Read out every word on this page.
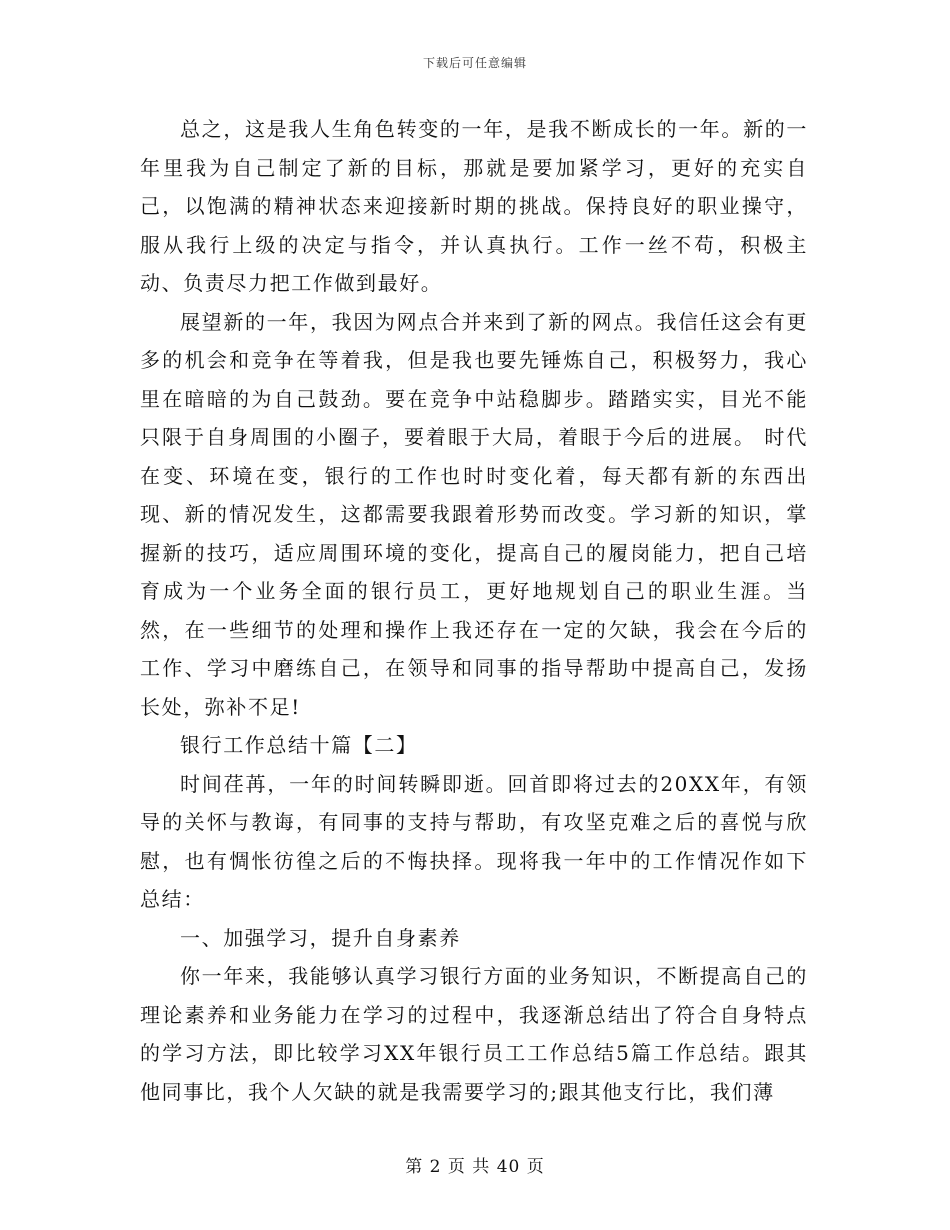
下载后可任意编辑

总之，这是我人生角色转变的一年，是我不断成长的一年。新的一年里我为自己制定了新的目标，那就是要加紧学习，更好的充实自己，以饱满的精神状态来迎接新时期的挑战。保持良好的职业操守，服从我行上级的决定与指令，并认真执行。工作一丝不苟，积极主动、负责尽力把工作做到最好。

展望新的一年，我因为网点合并来到了新的网点。我信任这会有更多的机会和竞争在等着我，但是我也要先锤炼自己，积极努力，我心里在暗暗的为自己鼓劲。要在竞争中站稳脚步。踏踏实实，目光不能只限于自身周围的小圈子，要着眼于大局，着眼于今后的进展。 时代在变、环境在变，银行的工作也时时变化着，每天都有新的东西出现、新的情况发生，这都需要我跟着形势而改变。学习新的知识，掌握新的技巧，适应周围环境的变化，提高自己的履岗能力，把自己培育成为一个业务全面的银行员工，更好地规划自己的职业生涯。当然，在一些细节的处理和操作上我还存在一定的欠缺，我会在今后的工作、学习中磨练自己，在领导和同事的指导帮助中提高自己，发扬长处，弥补不足!

银行工作总结十篇【二】

时间荏苒，一年的时间转瞬即逝。回首即将过去的20XX年，有领导的关怀与教诲，有同事的支持与帮助，有攻坚克难之后的喜悦与欣慰，也有惆怅彷徨之后的不悔抉择。现将我一年中的工作情况作如下总结：

一、加强学习，提升自身素养

你一年来，我能够认真学习银行方面的业务知识，不断提高自己的理论素养和业务能力在学习的过程中，我逐渐总结出了符合自身特点的学习方法，即比较学习XX年银行员工工作总结5篇工作总结。跟其他同事比，我个人欠缺的就是我需要学习的;跟其他支行比，我们薄

第 2 页 共 40 页
